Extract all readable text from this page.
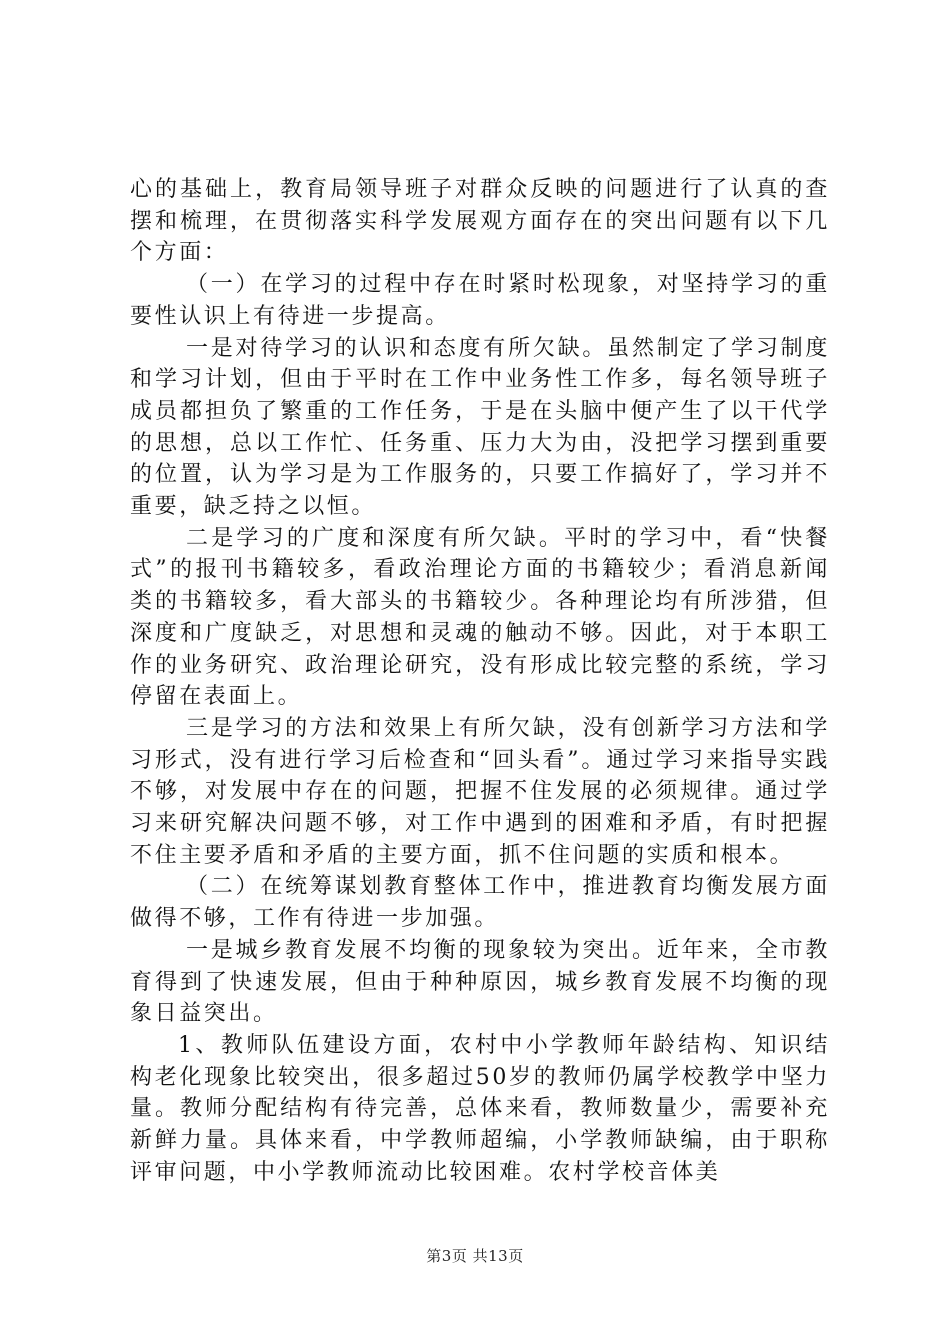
心的基础上，教育局领导班子对群众反映的问题进行了认真的查摆和梳理，在贯彻落实科学发展观方面存在的突出问题有以下几个方面：

（一）在学习的过程中存在时紧时松现象，对坚持学习的重要性认识上有待进一步提高。

一是对待学习的认识和态度有所欠缺。虽然制定了学习制度和学习计划，但由于平时在工作中业务性工作多，每名领导班子成员都担负了繁重的工作任务，于是在头脑中便产生了以干代学的思想，总以工作忙、任务重、压力大为由，没把学习摆到重要的位置，认为学习是为工作服务的，只要工作搞好了，学习并不重要，缺乏持之以恒。

二是学习的广度和深度有所欠缺。平时的学习中，看“快餐式”的报刊书籍较多，看政治理论方面的书籍较少；看消息新闻类的书籍较多，看大部头的书籍较少。各种理论均有所涉猎，但深度和广度缺乏，对思想和灵魂的触动不够。因此，对于本职工作的业务研究、政治理论研究，没有形成比较完整的系统，学习停留在表面上。

三是学习的方法和效果上有所欠缺，没有创新学习方法和学习形式，没有进行学习后检查和“回头看”。通过学习来指导实践不够，对发展中存在的问题，把握不住发展的必须规律。通过学习来研究解决问题不够，对工作中遇到的困难和矛盾，有时把握不住主要矛盾和矛盾的主要方面，抓不住问题的实质和根本。

（二）在统筹谋划教育整体工作中，推进教育均衡发展方面做得不够，工作有待进一步加强。

一是城乡教育发展不均衡的现象较为突出。近年来，全市教育得到了快速发展，但由于种种原因，城乡教育发展不均衡的现象日益突出。

1、教师队伍建设方面，农村中小学教师年龄结构、知识结构老化现象比较突出，很多超过50岁的教师仍属学校教学中坚力量。教师分配结构有待完善，总体来看，教师数量少，需要补充新鲜力量。具体来看，中学教师超编，小学教师缺编，由于职称评审问题，中小学教师流动比较困难。农村学校音体美

第3页 共13页
